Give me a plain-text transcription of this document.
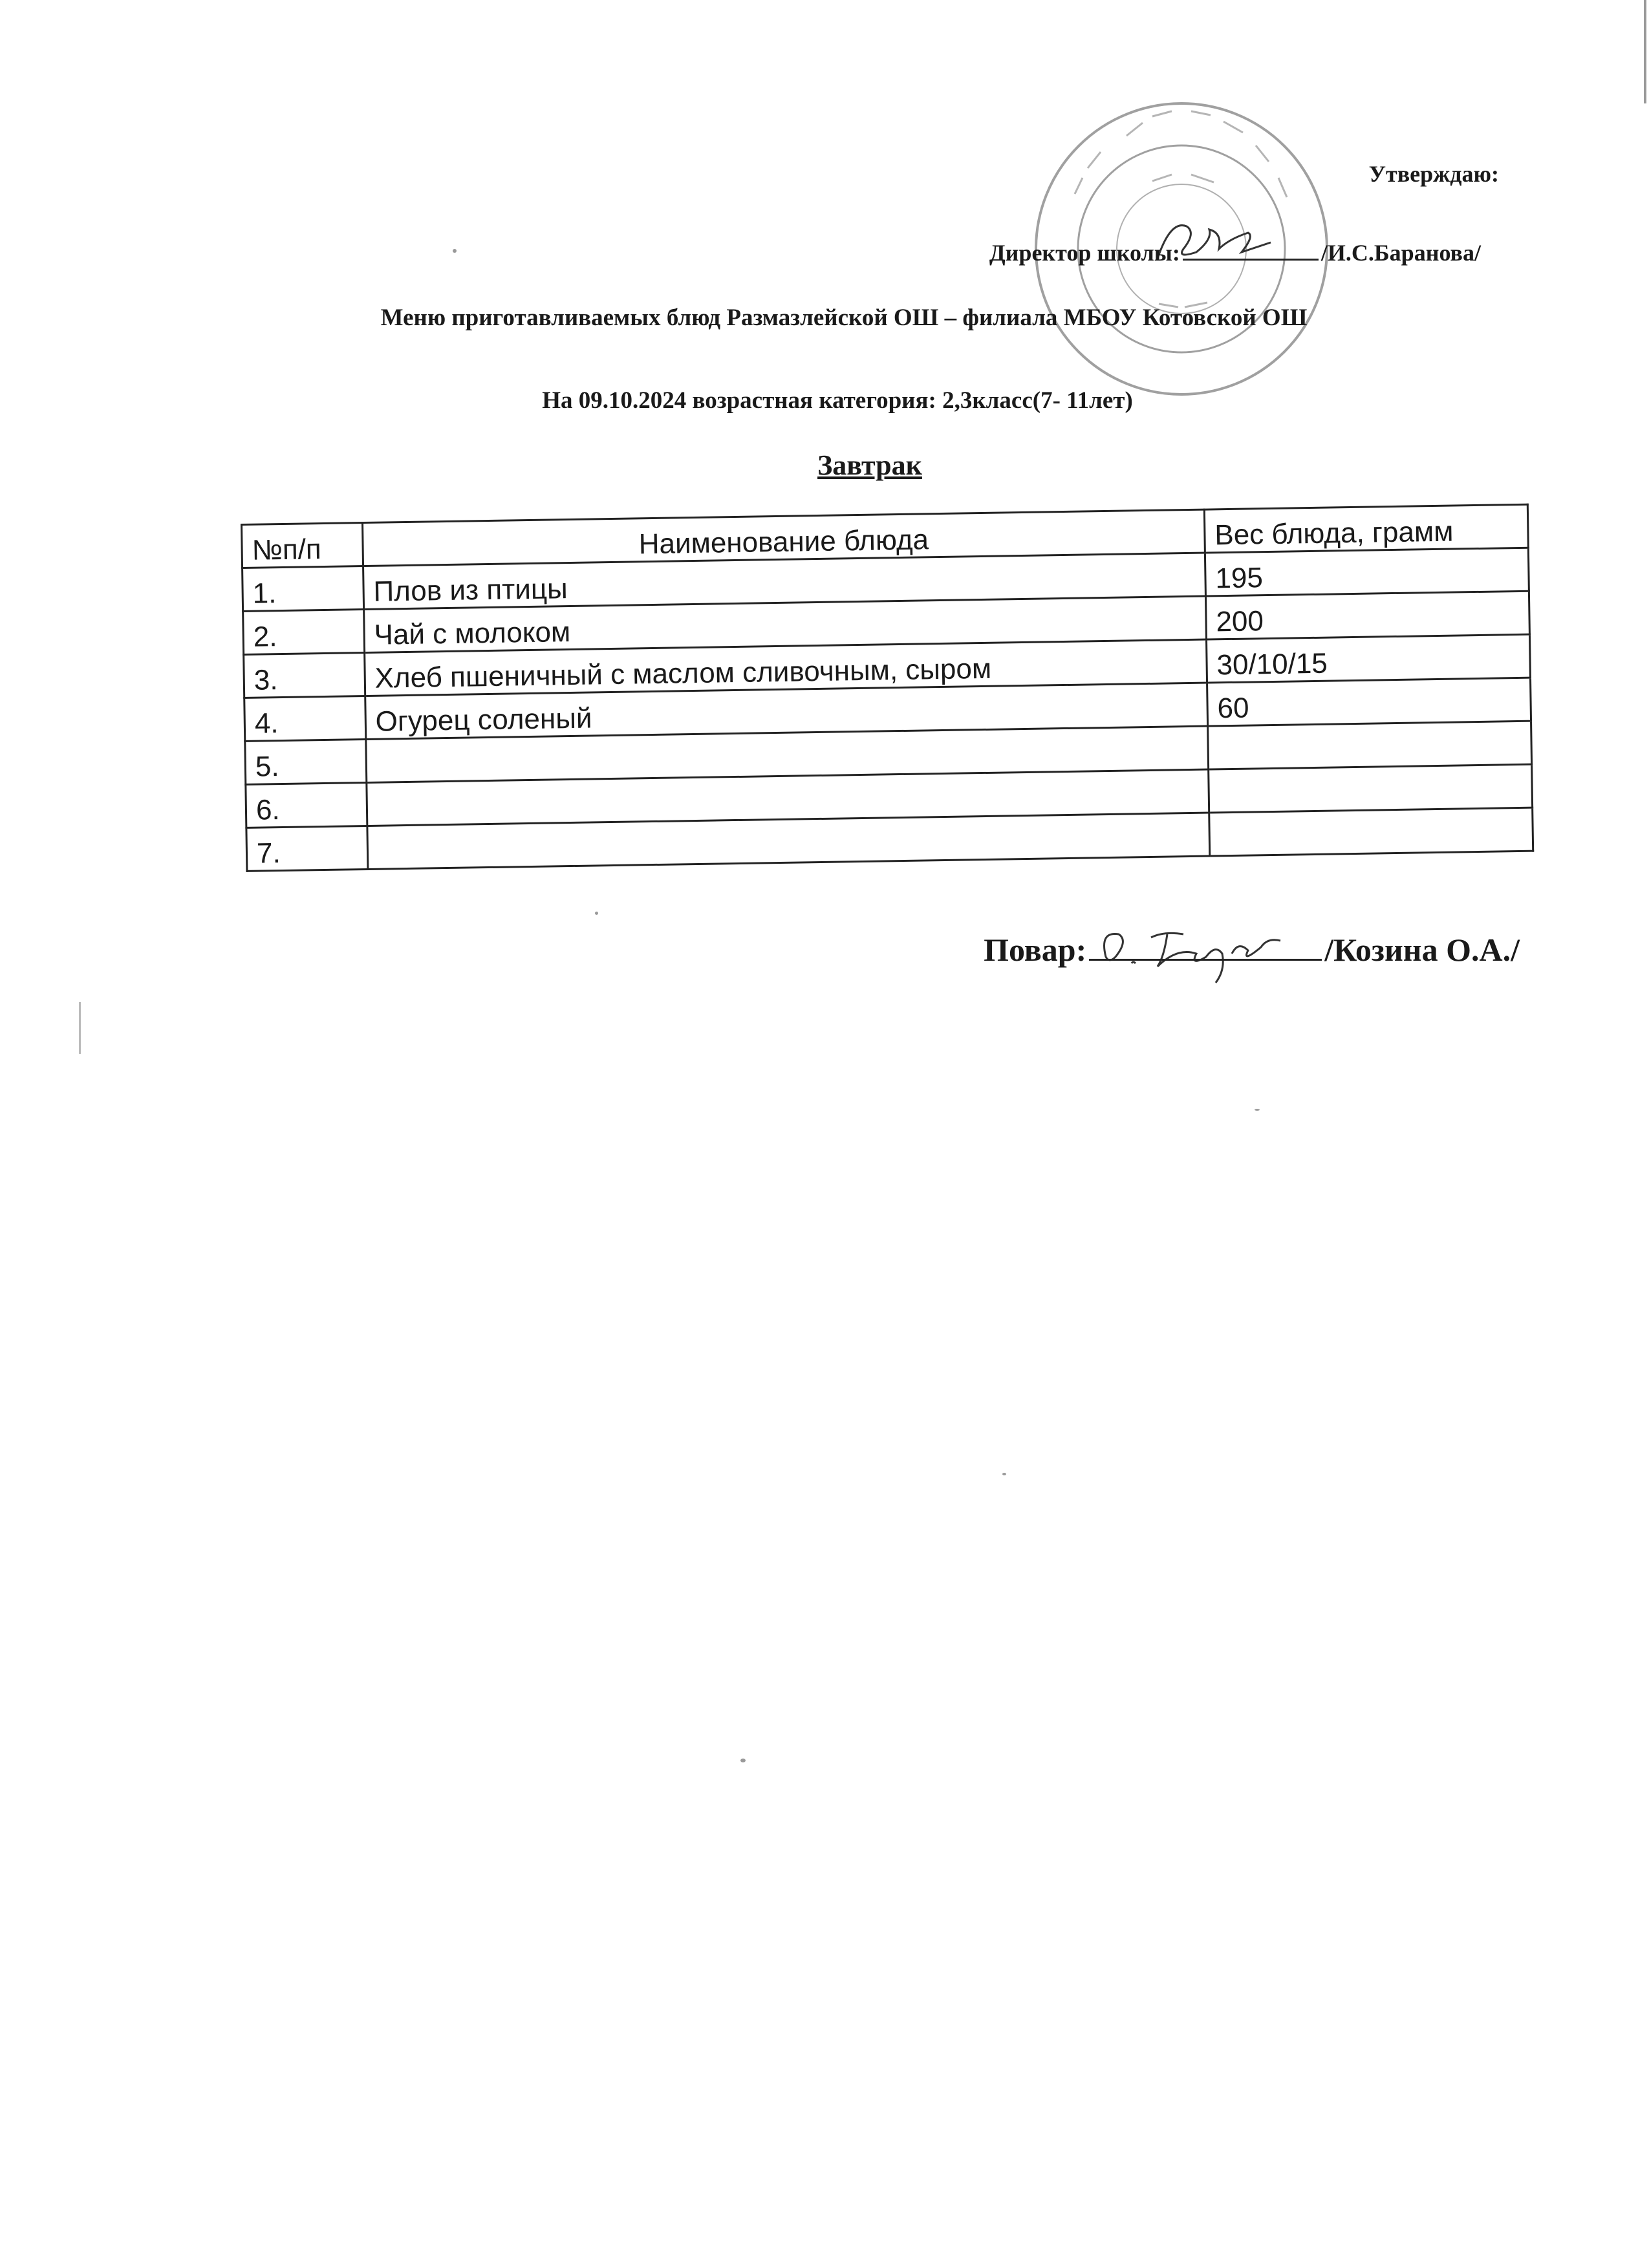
Утверждаю:
Директор школы:	/И.С.Баранова/
Меню приготавливаемых блюд Размазлейской ОШ – филиала МБОУ Котовской ОШ
На 09.10.2024 возрастная категория: 2,3класс(7- 11лет)
Завтрак
№п/п	Наименование блюда	Вес блюда, грамм
1.	Плов из птицы	195
2.	Чай с молоком	200
3.	Хлеб пшеничный с маслом сливочным, сыром	30/10/15
4.	Огурец соленый	60
5.		
6.		
7.		
Повар:	/Козина О.А./
